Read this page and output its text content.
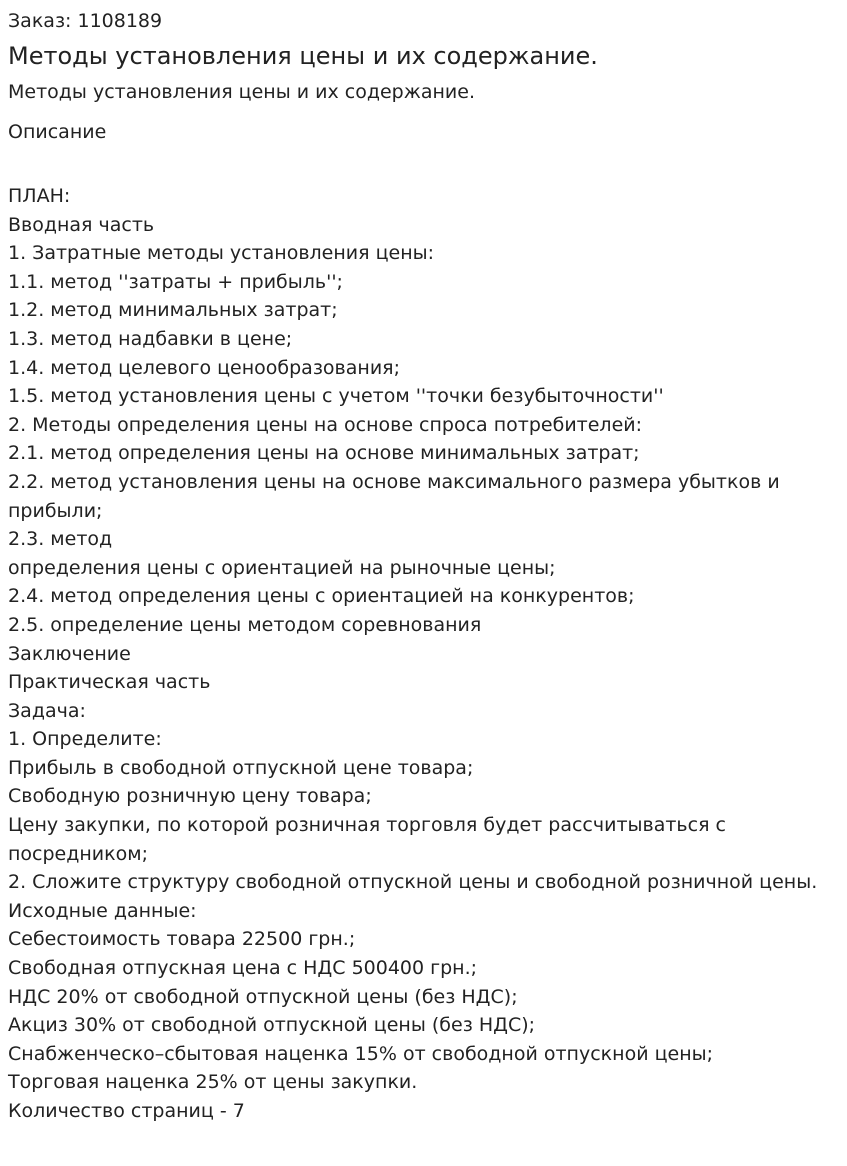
Заказ: 1108189

Методы установления цены и их содержание.

Методы установления цены и их содержание.

Описание
ПЛАН:
Вводная часть
1. Затратные методы установления цены:
1.1. метод ''затраты + прибыль'';
1.2. метод минимальных затрат;
1.3. метод надбавки в цене;
1.4. метод целевого ценообразования;
1.5. метод установления цены с учетом ''точки безубыточности''
2. Методы определения цены на основе спроса потребителей:
2.1. метод определения цены на основе минимальных затрат;
2.2. метод установления цены на основе максимального размера убытков и
прибыли;
2.3. метод
определения цены с ориентацией на рыночные цены;
2.4. метод определения цены с ориентацией на конкурентов;
2.5. определение цены методом соревнования
Заключение
Практическая часть
Задача:
1. Определите:
Прибыль в свободной отпускной цене товара;
Свободную розничную цену товара;
Цену закупки, по которой розничная торговля будет рассчитываться с
посредником;
2. Сложите структуру свободной отпускной цены и свободной розничной цены.
Исходные данные:
Себестоимость товара 22500 грн.;
Свободная отпускная цена с НДС 500400 грн.;
НДС 20% от свободной отпускной цены (без НДС);
Акциз 30% от свободной отпускной цены (без НДС);
Снабженческо–сбытовая наценка 15% от свободной отпускной цены;
Торговая наценка 25% от цены закупки.
Количество страниц - 7
